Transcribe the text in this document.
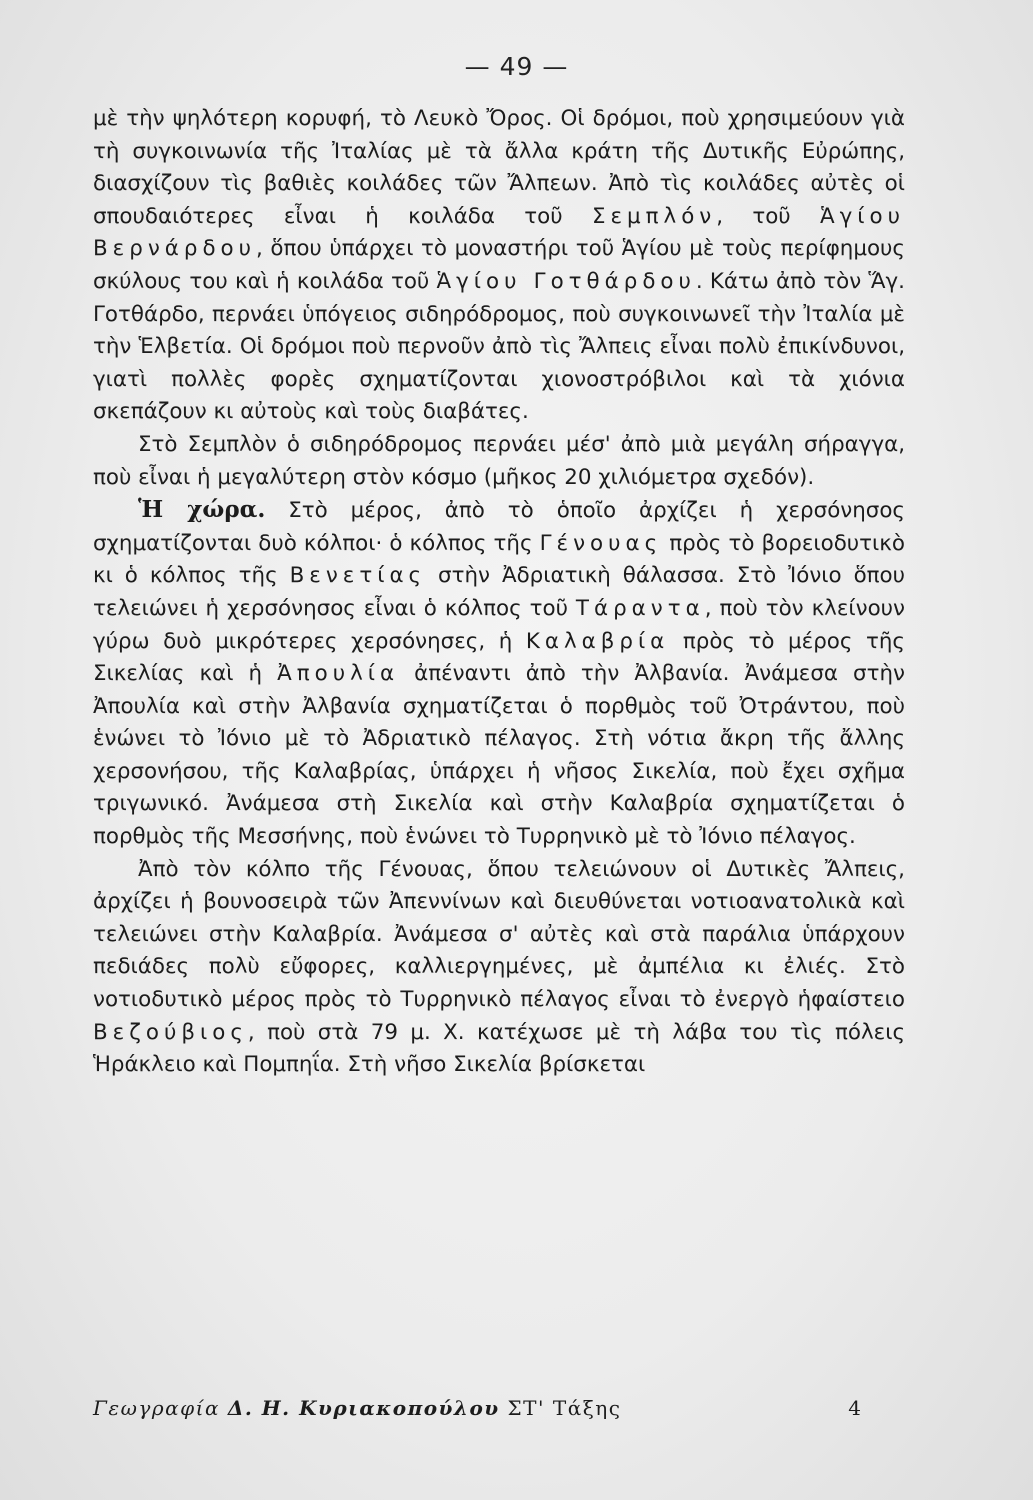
— 49 —

μὲ τὴν ψηλότερη κορυφή, τὸ Λευκὸ Ὄρος. Οἱ δρόμοι, ποὺ χρησιμεύουν γιὰ τὴ συγκοινωνία τῆς Ἰταλίας μὲ τὰ ἄλλα κράτη τῆς Δυτικῆς Εὐρώπης, διασχίζουν τὶς βαθιὲς κοιλάδες τῶν Ἄλπεων. Ἀπὸ τὶς κοιλάδες αὐτὲς οἱ σπουδαιότερες εἶναι ἡ κοιλάδα τοῦ Σεμπλόν, τοῦ Ἁγίου Βερνάρδου, ὅπου ὑπάρχει τὸ μοναστήρι τοῦ Ἁγίου μὲ τοὺς περίφημους σκύλους του καὶ ἡ κοιλάδα τοῦ Ἁγίου Γοτθάρδου. Κάτω ἀπὸ τὸν Ἅγ. Γοτθάρδο, περνάει ὑπόγειος σιδηρόδρομος, ποὺ συγκοινωνεῖ τὴν Ἰταλία μὲ τὴν Ἑλβετία. Οἱ δρόμοι ποὺ περνοῦν ἀπὸ τὶς Ἄλπεις εἶναι πολὺ ἐπικίνδυνοι, γιατὶ πολλὲς φορὲς σχηματίζονται χιονοστρόβιλοι καὶ τὰ χιόνια σκεπάζουν κι αὐτοὺς καὶ τοὺς διαβάτες.

Στὸ Σεμπλὸν ὁ σιδηρόδρομος περνάει μέσ' ἀπὸ μιὰ μεγάλη σήραγγα, ποὺ εἶναι ἡ μεγαλύτερη στὸν κόσμο (μῆκος 20 χιλιόμετρα σχεδόν).

Ἡ χώρα. Στὸ μέρος, ἀπὸ τὸ ὁποῖο ἀρχίζει ἡ χερσόνησος σχηματίζονται δυὸ κόλποι· ὁ κόλπος τῆς Γένουας πρὸς τὸ βορειοδυτικὸ κι ὁ κόλπος τῆς Βενετίας στὴν Ἀδριατικὴ θάλασσα. Στὸ Ἰόνιο ὅπου τελειώνει ἡ χερσόνησος εἶναι ὁ κόλπος τοῦ Τάραντα, ποὺ τὸν κλείνουν γύρω δυὸ μικρότερες χερσόνησες, ἡ Καλαβρία πρὸς τὸ μέρος τῆς Σικελίας καὶ ἡ Ἀπουλία ἀπέναντι ἀπὸ τὴν Ἀλβανία. Ἀνάμεσα στὴν Ἀπουλία καὶ στὴν Ἀλβανία σχηματίζεται ὁ πορθμὸς τοῦ Ὀτράντου, ποὺ ἑνώνει τὸ Ἰόνιο μὲ τὸ Ἀδριατικὸ πέλαγος. Στὴ νότια ἄκρη τῆς ἄλλης χερσονήσου, τῆς Καλαβρίας, ὑπάρχει ἡ νῆσος Σικελία, ποὺ ἔχει σχῆμα τριγωνικό. Ἀνάμεσα στὴ Σικελία καὶ στὴν Καλαβρία σχηματίζεται ὁ πορθμὸς τῆς Μεσσήνης, ποὺ ἑνώνει τὸ Τυρρηνικὸ μὲ τὸ Ἰόνιο πέλαγος.

Ἀπὸ τὸν κόλπο τῆς Γένουας, ὅπου τελειώνουν οἱ Δυτικὲς Ἄλπεις, ἀρχίζει ἡ βουνοσειρὰ τῶν Ἀπεννίνων καὶ διευθύνεται νοτιοανατολικὰ καὶ τελειώνει στὴν Καλαβρία. Ἀνάμεσα σ' αὐτὲς καὶ στὰ παράλια ὑπάρχουν πεδιάδες πολὺ εὔφορες, καλλιεργημένες, μὲ ἀμπέλια κι ἐλιές. Στὸ νοτιοδυτικὸ μέρος πρὸς τὸ Τυρρηνικὸ πέλαγος εἶναι τὸ ἐνεργὸ ἡφαίστειο Βεζούβιος, ποὺ στὰ 79 μ. Χ. κατέχωσε μὲ τὴ λάβα του τὶς πόλεις Ἡράκλειο καὶ Πομπηΐα. Στὴ νῆσο Σικελία βρίσκεται

Γεωγραφία Δ. Η. Κυριακοπούλου ΣΤ' Τάξης	4
